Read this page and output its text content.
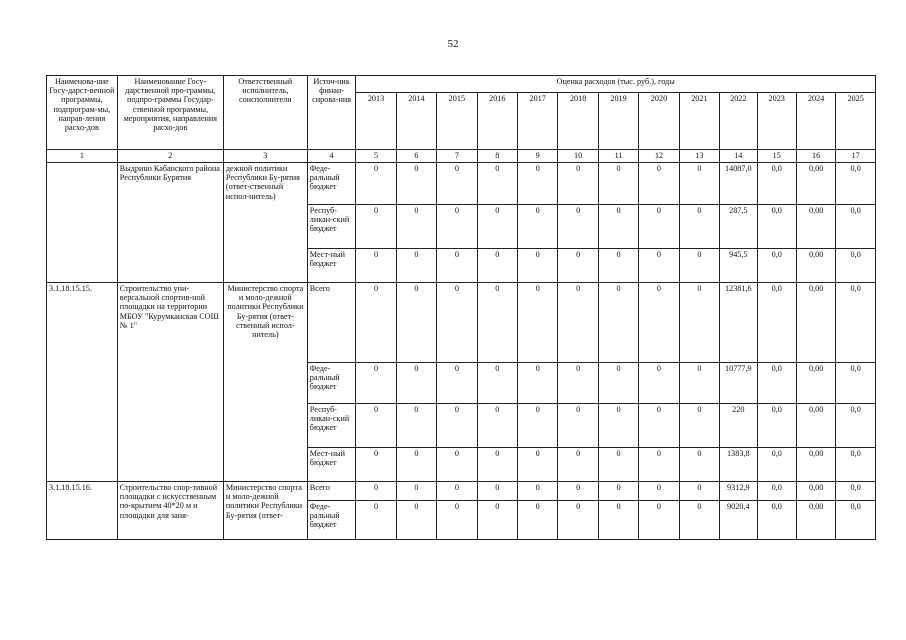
52
Наименова-ние Госу-дарст-венной программы, подпрограм-мы, направ-ления расхо-дов	Наименование Госу-дарственной про-граммы, подпро-граммы Государ-ственной программы, мероприятия, направления расхо-дов	Ответственный исполнитель, соисполнители	Источ-ник финан-сирова-ния	Оценка расходов (тыс. руб.), годы												
				2013	2014	2015	2016	2017	2018	2019	2020	2021	2022	2023	2024	2025
1	2	3	4	5	6	7	8	9	10	11	12	13	14	15	16	17
	Выдрино Кабанского района Республики Бурятия	дежной политики Республики Бу-рятия (ответ-ственный испол-нитель)	Феде-ральный бюджет	0	0	0	0	0	0	0	0	0	14087,0	0,0	0,00	0,0
			Респуб-ликан-ский бюджет	0	0	0	0	0	0	0	0	0	287,5	0,0	0,00	0,0
			Мест-ный бюджет	0	0	0	0	0	0	0	0	0	945,5	0,0	0,00	0,0
3.1.18.15.15.	Строительство уни-версальной спортив-ной площадки на территории МБОУ "Курумканская СОШ № 1"	Министерство спорта и моло-дежной политики Республики Бу-рятия (ответ-ственный испол-нитель)	Всего	0	0	0	0	0	0	0	0	0	12381,6	0,0	0,00	0,0
			Феде-ральный бюджет	0	0	0	0	0	0	0	0	0	10777,9	0,0	0,00	0,0
			Респуб-ликан-ский бюджет	0	0	0	0	0	0	0	0	0	220	0,0	0,00	0,0
			Мест-ный бюджет	0	0	0	0	0	0	0	0	0	1383,8	0,0	0,00	0,0
3.1.18.15.16.	Строительство спор-тивной площадки с искусственным по-крытием 40*20 м и площадки для заня-	Министерство спорта и моло-дежной политики Республики Бу-рятия (ответ-	Всего	0	0	0	0	0	0	0	0	0	9312,9	0,0	0,00	0,0
			Феде-ральный бюджет	0	0	0	0	0	0	0	0	0	9020,4	0,0	0,00	0,0
